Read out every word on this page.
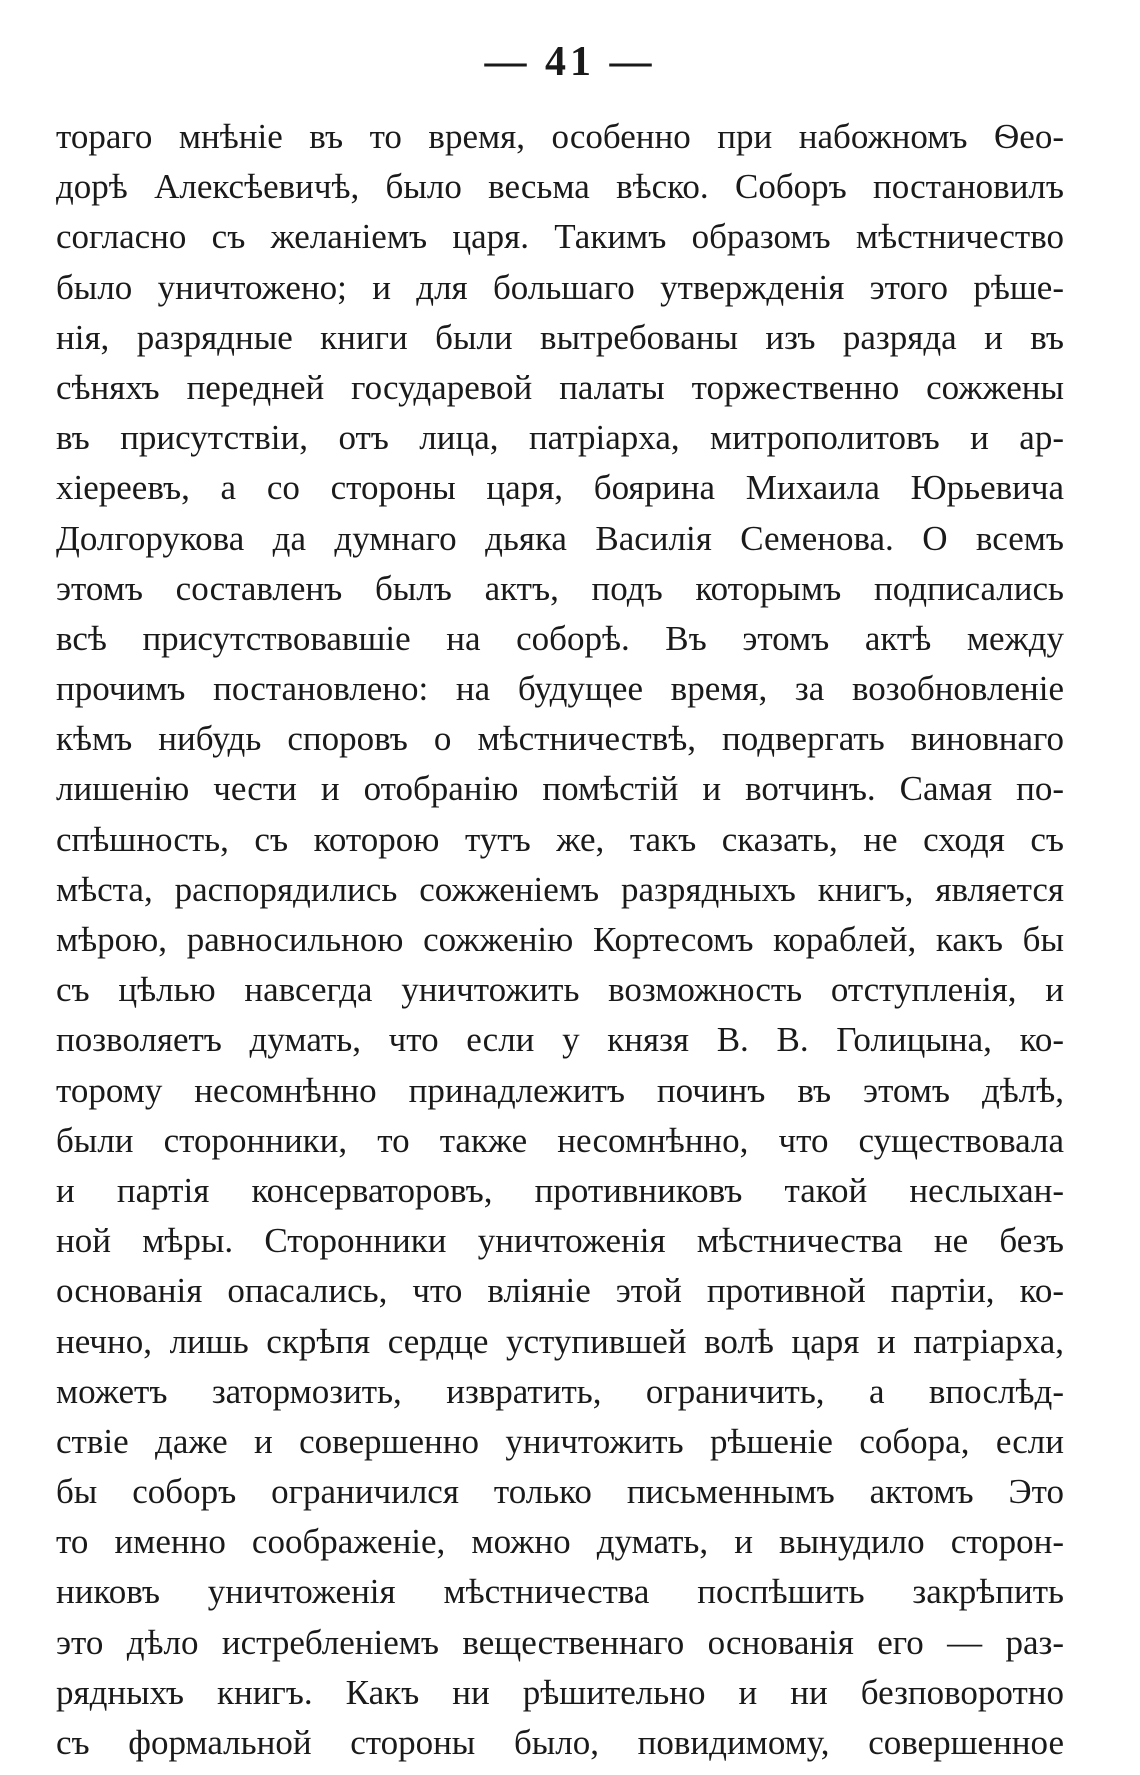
— 41 —
тораго мнѣніе въ то время, особенно при набожномъ Ѳео-
дорѣ Алексѣевичѣ, было весьма вѣско. Соборъ постановилъ
согласно съ желаніемъ царя. Такимъ образомъ мѣстничество
было уничтожено; и для большаго утвержденія этого рѣше-
нія, разрядные книги были вытребованы изъ разряда и въ
сѣняхъ передней государевой палаты торжественно сожжены
въ присутствіи, отъ лица, патріарха, митрополитовъ и ар-
хіереевъ, а со стороны царя, боярина Михаила Юрьевича
Долгорукова да думнаго дьяка Василія Семенова. О всемъ
этомъ составленъ былъ актъ, подъ которымъ подписались
всѣ присутствовавшіе на соборѣ. Въ этомъ актѣ между
прочимъ постановлено: на будущее время, за возобновленіе
кѣмъ нибудь споровъ о мѣстничествѣ, подвергать виновнаго
лишенію чести и отобранію помѣстій и вотчинъ. Самая по-
спѣшность, съ которою тутъ же, такъ сказать, не сходя съ
мѣста, распорядились сожженіемъ разрядныхъ книгъ, является
мѣрою, равносильною сожженію Кортесомъ кораблей, какъ бы
съ цѣлью навсегда уничтожить возможность отступленія, и
позволяетъ думать, что если у князя В. В. Голицына, ко-
торому несомнѣнно принадлежитъ починъ въ этомъ дѣлѣ,
были сторонники, то также несомнѣнно, что существовала
и партія консерваторовъ, противниковъ такой неслыхан-
ной мѣры. Сторонники уничтоженія мѣстничества не безъ
основанія опасались, что вліяніе этой противной партіи, ко-
нечно, лишь скрѣпя сердце уступившей волѣ царя и патріарха,
можетъ затормозить, извратить, ограничить, а впослѣд-
ствіе даже и совершенно уничтожить рѣшеніе собора, если
бы соборъ ограничился только письменнымъ актомъ Это
то именно соображеніе, можно думать, и вынудило сторон-
никовъ уничтоженія мѣстничества поспѣшить закрѣпить
это дѣло истребленіемъ вещественнаго основанія его — раз-
рядныхъ книгъ. Какъ ни рѣшительно и ни безповоротно
съ формальной стороны было, повидимому, совершенное
